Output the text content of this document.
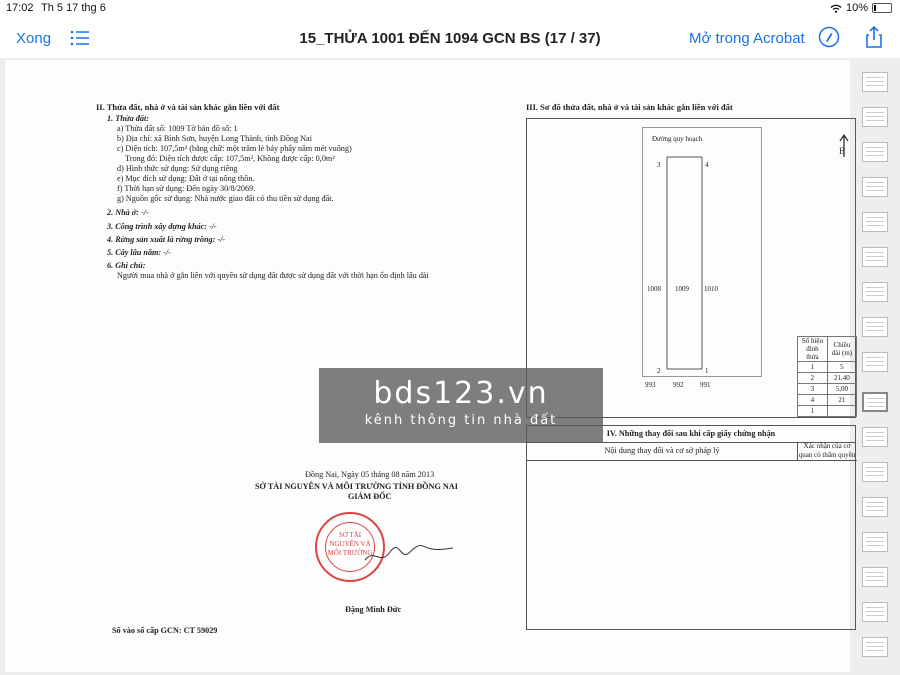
17:02 Th 5 17 thg 6	10%
Xong	15_THỬA 1001 ĐẾN 1094 GCN BS (17 / 37)	Mở trong Acrobat
II. Thửa đất, nhà ở và tài sản khác gắn liền với đất
1. Thửa đất:
a) Thửa đất số: 1009 Tờ bản đồ số: 1
b) Địa chỉ: xã Bình Sơn, huyện Long Thành, tỉnh Đồng Nai
c) Diện tích: 107,5m² (bằng chữ: một trăm lẻ bảy phẩy năm mét vuông)
Trong đó: Diện tích được cấp: 107,5m², Không được cấp: 0,0m²
d) Hình thức sử dụng: Sử dụng riêng
e) Mục đích sử dụng: Đất ở tại nông thôn.
f) Thời hạn sử dụng: Đến ngày 30/8/2069.
g) Nguồn gốc sử dụng: Nhà nước giao đất có thu tiền sử dụng đất.
2. Nhà ở: -/-
3. Công trình xây dựng khác: -/-
4. Rừng sản xuất là rừng trồng: -/-
5. Cây lâu năm: -/-
6. Ghi chú:
Người mua nhà ở gắn liền với quyền sử dụng đất được sử dụng đất với thời hạn ổn định lâu dài
Đồng Nai, Ngày 05 tháng 08 năm 2013
SỞ TÀI NGUYÊN VÀ MÔI TRƯỜNG TỈNH ĐỒNG NAI
GIÁM ĐỐC
SỞ TÀI NGUYÊN VÀ MÔI TRƯỜNG
Đặng Minh Đức
Số vào sổ cấp GCN: CT 59029
III. Sơ đồ thửa đất, nhà ở và tài sản khác gắn liền với đất
B
Đường quy hoạch
3	4
1008 1009 1010
2	1
993	992 991
Số hiệu đỉnh thửa	Chiều dài (m)
1	5
2	21,40
3	5,00
4	21
1	
IV. Những thay đổi sau khi cấp giấy chứng nhận
Nội dung thay đổi và cơ sở pháp lý	Xác nhận của cơ quan có thẩm quyền
bds123.vn
kênh thông tin nhà đất
